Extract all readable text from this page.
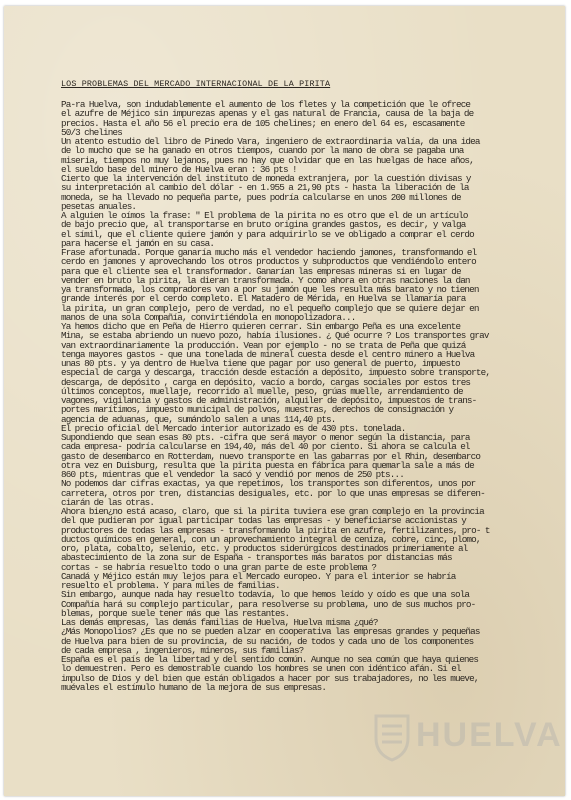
LOS PROBLEMAS DEL MERCADO INTERNACIONAL DE LA PIRITA

Pa-ra Huelva, son indudablemente el aumento de los fletes y la competición que le ofrece

el azufre de Méjico sin impurezas apenas y el gas natural de Francia, causa de la baja de

precios. Hasta el año 56 el precio era de 105 chelines; en enero del 64 es, escasamente

50/3 chelines

Un atento estudio del libro de Pinedo Vara, ingeniero de extraordinaria valía, da una idea

de lo mucho que se ha ganado en otros tiempos, cuando por la mano de obra se pagaba una

miseria, tiempos no muy lejanos, pues no hay que olvidar que en las huelgas de hace años,

el sueldo base del minero de Huelva eran : 36 pts !

Cierto que la intervención del instituto de moneda extranjera, por la cuestión divisas y

su interpretación al cambio del dólar - en 1.955 a 21,90 pts - hasta la liberación de la

moneda, se ha llevado no pequeña parte, pues podría calcularse en unos 200 millones de

pesetas anuales.

A alguien le oímos la frase: " El problema de la pirita no es otro que el de un artículo

de bajo precio que, al transportarse en bruto origina grandes gastos, es decir, y valga

el símil, que el cliente quiere jamón y para adquirirlo se ve obligado a comprar el cerdo

para hacerse el jamón en su casa.

Frase afortunada. Porque ganaría mucho más el vendedor haciendo jamones, transformando el

cerdo en jamones y aprovechando los otros productos y subproductos que vendiéndolo entero

para que el cliente sea el transformador. Ganarían las empresas mineras si en lugar de

vender en bruto la pirita, la dieran transformada. Y como ahora en otras naciones la dan

ya transformada, los compradores van a por su jamón que les resulta más barato y no tienen

grande interés por el cerdo completo. El Matadero de Mérida, en Huelva se llamaría para

la pirita, un gran complejo, pero de verdad, no el pequeño complejo que se quiere dejar en

manos de una sola Compañía, convirtiéndola en monopolizadora...

Ya hemos dicho que en Peña de Hierro quieren cerrar. Sin embargo Peña es una excelente

Mina, se estaba abriendo un nuevo pozo, había ilusiones. ¿ Qué ocurre ? Los transportes grav

van extraordinariamente la producción. Vean por ejemplo - no se trata de Peña que quizá

tenga mayores gastos - que una tonelada de mineral cuesta desde el centro minero a Huelva

unas 80 pts. y ya dentro de Huelva tiene que pagar por uso general de puerto, impuesto

especial de carga y descarga, tracción desde estación a depósito, impuesto sobre transporte,

descarga, de depósito , carga en depósito, vacío a bordo, cargas sociales por estos tres

últimos conceptos, muellaje, recorrido al muelle, peso, grúas muelle, arrendamiento de

vagones, vigilancia y gastos de administración, alquiler de depósito, impuestos de trans-

portes marítimos, impuesto municipal de polvos, muestras, derechos de consignación y

agencia de aduanas, que, sumándolo salen a unas 114,40 pts.

El precio oficial del Mercado interior autorizado es de 430 pts. tonelada.

Supondiendo que sean esas 80 pts. -cifra que será mayor o menor según la distancia, para

cada empresa- podría calcularse en 194,40, más del 40 por ciento. Si ahora se calcula el

gasto de desembarco en Rotterdam, nuevo transporte en las gabarras por el Rhin, desembarco

otra vez en Duisburg, resulta que la pirita puesta en fábrica para quemarla sale a más de

860 pts, mientras que el vendedor la sacó y vendió por menos de 250 pts...

No podemos dar cifras exactas, ya que repetimos, los transportes son diferentos, unos por

carretera, otros por tren, distancias desiguales, etc. por lo que unas empresas se diferen-

ciarán de las otras.

Ahora bien¿no está acaso, claro, que si la pirita tuviera ese gran complejo en la provincia

del que pudieran por igual participar todas las empresas - y beneficiarse accionistas y

productores de todas las empresas - transformando la pirita en azufre, fertilizantes, pro- t

ductos químicos en general, con un aprovechamiento integral de ceniza, cobre, cinc, plomo,

oro, plata, cobalto, selenio, etc. y productos siderúrgicos destinados primeriamente al

abastecimiento de la zona sur de España - transportes más baratos por distancias más

cortas - se habría resuelto todo o una gran parte de este problema ?

Canadá y Méjico están muy lejos para el Mercado europeo. Y para el interior se habría

resuelto el problema. Y para miles de familias.

Sin embargo, aunque nada hay resuelto todavía, lo que hemos leído y oído es que una sola

Compañía hará su complejo particular, para resolverse su problema, uno de sus muchos pro-

blemas, porque suele tener más que las restantes.

Las demás empresas, las demás familias de Huelva, Huelva misma ¿qué?

¿Más Monopolios? ¿Es que no se pueden alzar en cooperativa las empresas grandes y pequeñas

de Huelva para bien de su provincia, de su nación, de todos y cada uno de los componentes

de cada empresa , ingenieros, mineros, sus familias?

España es el país de la libertad y del sentido común. Aunque no sea común que haya quienes

lo demuestren. Pero es demostrable cuando los hombres se unen con idéntico afán. Si el

impulso de Dios y del bien que están obligados a hacer por sus trabajadores, no les mueve,

muévales el estímulo humano de la mejora de sus empresas.

HUELVA
